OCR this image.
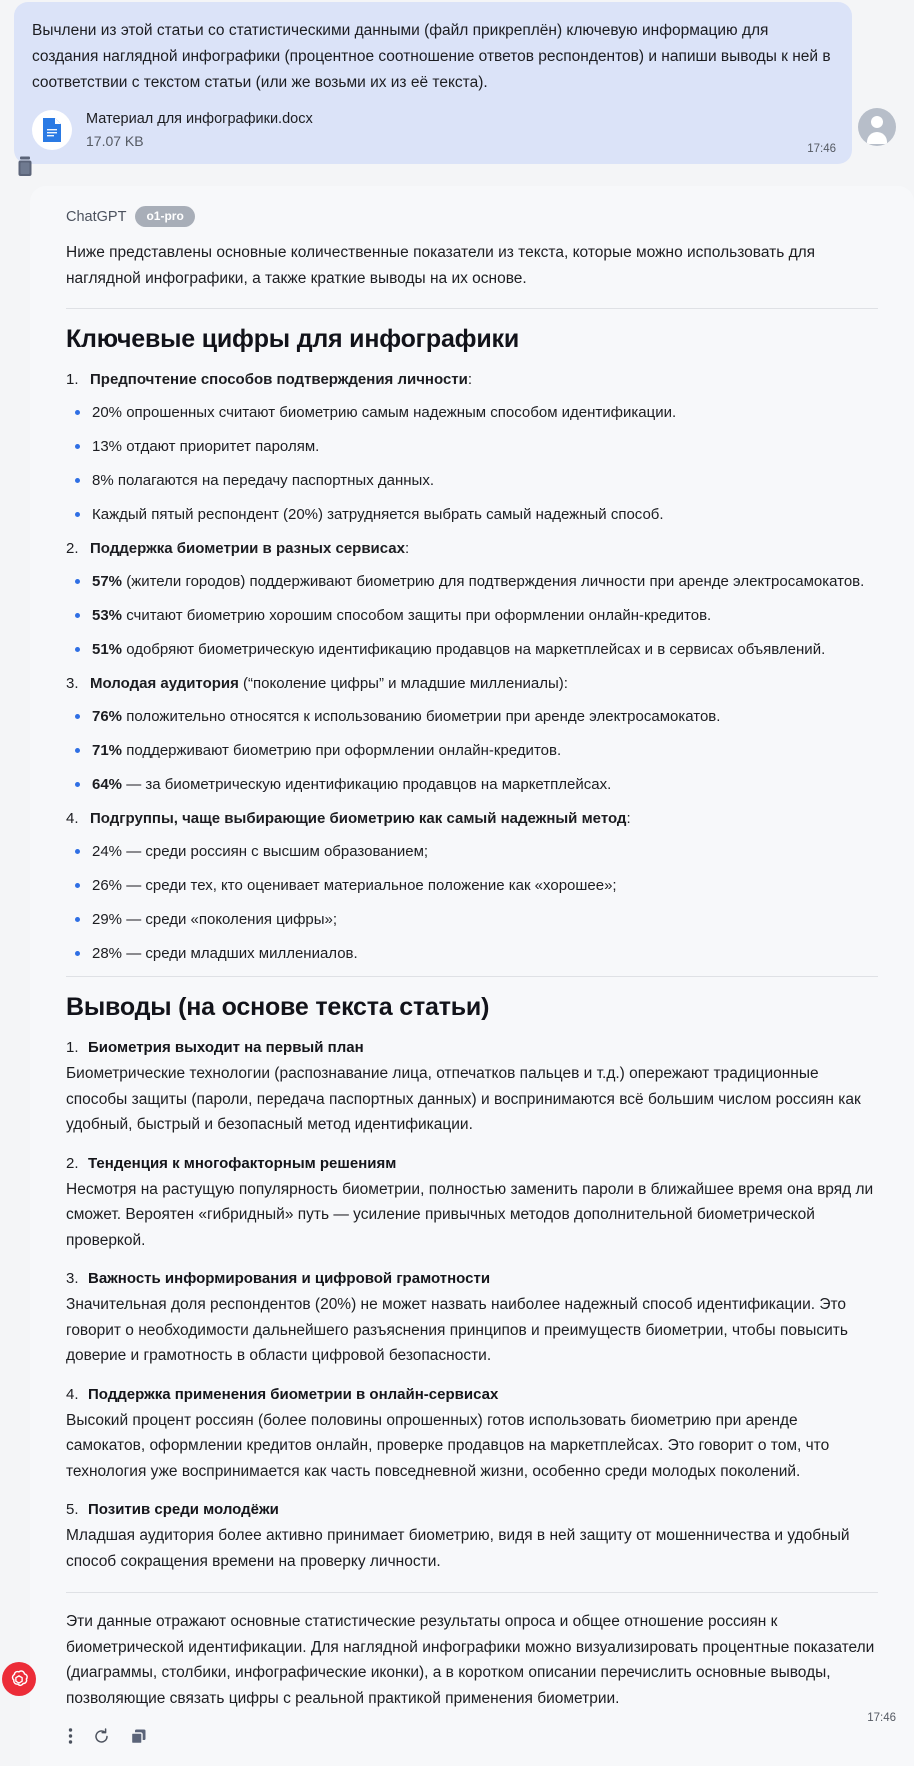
Вычлени из этой статьи со статистическими данными (файл прикреплён) ключевую информацию для создания наглядной инфографики (процентное соотношение ответов респондентов) и напиши выводы к ней в соответствии с текстом статьи (или же возьми их из её текста).
Материал для инфографики.docx
17.07 KB	17:46
ChatGPT	o1-pro
Ниже представлены основные количественные показатели из текста, которые можно использовать для наглядной инфографики, а также краткие выводы на их основе.
Ключевые цифры для инфографики
1. Предпочтение способов подтверждения личности:
20% опрошенных считают биометрию самым надежным способом идентификации.
13% отдают приоритет паролям.
8% полагаются на передачу паспортных данных.
Каждый пятый респондент (20%) затрудняется выбрать самый надежный способ.
2. Поддержка биометрии в разных сервисах:
57% (жители городов) поддерживают биометрию для подтверждения личности при аренде электросамокатов.
53% считают биометрию хорошим способом защиты при оформлении онлайн-кредитов.
51% одобряют биометрическую идентификацию продавцов на маркетплейсах и в сервисах объявлений.
3. Молодая аудитория (“поколение цифры” и младшие миллениалы):
76% положительно относятся к использованию биометрии при аренде электросамокатов.
71% поддерживают биометрию при оформлении онлайн-кредитов.
64% — за биометрическую идентификацию продавцов на маркетплейсах.
4. Подгруппы, чаще выбирающие биометрию как самый надежный метод:
24% — среди россиян с высшим образованием;
26% — среди тех, кто оценивает материальное положение как «хорошее»;
29% — среди «поколения цифры»;
28% — среди младших миллениалов.
Выводы (на основе текста статьи)
1. Биометрия выходит на первый план
Биометрические технологии (распознавание лица, отпечатков пальцев и т.д.) опережают традиционные способы защиты (пароли, передача паспортных данных) и воспринимаются всё большим числом россиян как удобный, быстрый и безопасный метод идентификации.
2. Тенденция к многофакторным решениям
Несмотря на растущую популярность биометрии, полностью заменить пароли в ближайшее время она вряд ли сможет. Вероятен «гибридный» путь — усиление привычных методов дополнительной биометрической проверкой.
3. Важность информирования и цифровой грамотности
Значительная доля респондентов (20%) не может назвать наиболее надежный способ идентификации. Это говорит о необходимости дальнейшего разъяснения принципов и преимуществ биометрии, чтобы повысить доверие и грамотность в области цифровой безопасности.
4. Поддержка применения биометрии в онлайн-сервисах
Высокий процент россиян (более половины опрошенных) готов использовать биометрию при аренде самокатов, оформлении кредитов онлайн, проверке продавцов на маркетплейсах. Это говорит о том, что технология уже воспринимается как часть повседневной жизни, особенно среди молодых поколений.
5. Позитив среди молодёжи
Младшая аудитория более активно принимает биометрию, видя в ней защиту от мошенничества и удобный способ сокращения времени на проверку личности.
Эти данные отражают основные статистические результаты опроса и общее отношение россиян к биометрической идентификации. Для наглядной инфографики можно визуализировать процентные показатели (диаграммы, столбики, инфографические иконки), а в коротком описании перечислить основные выводы, позволяющие связать цифры с реальной практикой применения биометрии.
17:46
